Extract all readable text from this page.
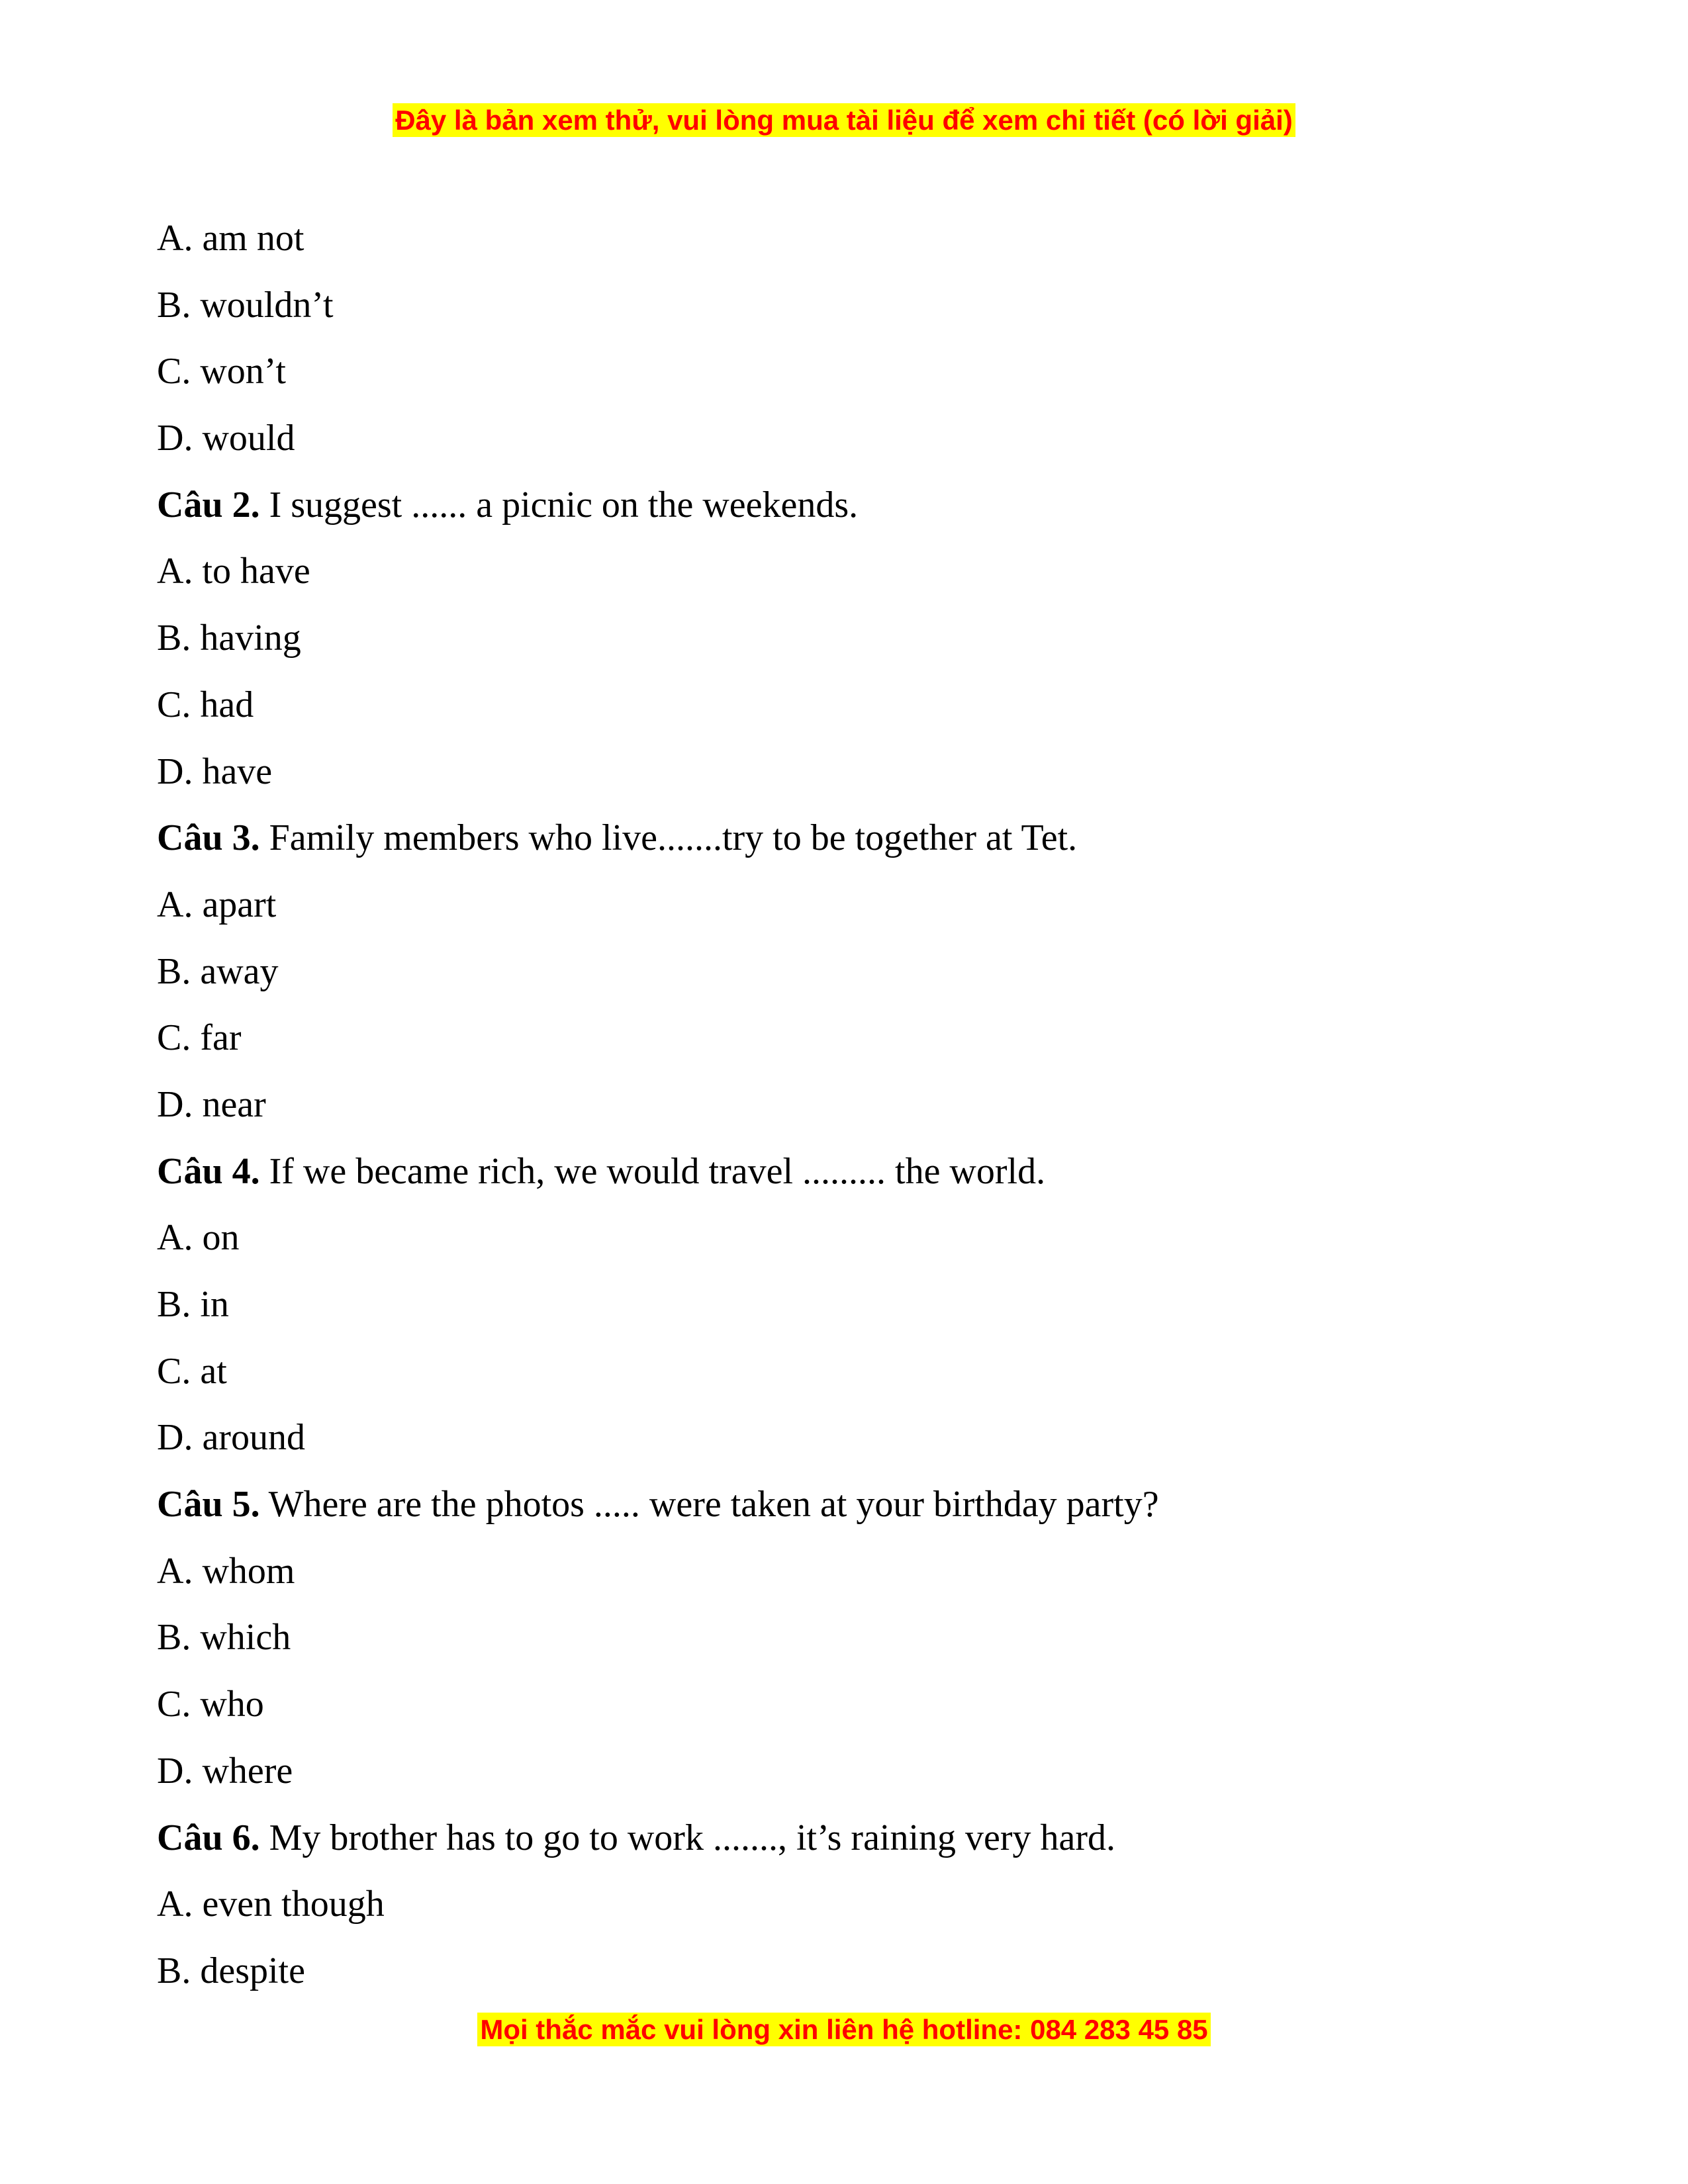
Đây là bản xem thử, vui lòng mua tài liệu để xem chi tiết (có lời giải)
A. am not
B. wouldn’t
C. won’t
D. would
Câu 2. I suggest ...... a picnic on the weekends.
A. to have
B. having
C. had
D. have
Câu 3. Family members who live.......try to be together at Tet.
A. apart
B. away
C. far
D. near
Câu 4. If we became rich, we would travel ......... the world.
A. on
B. in
C. at
D. around
Câu 5. Where are the photos ..... were taken at your birthday party?
A. whom
B. which
C. who
D. where
Câu 6. My brother has to go to work ......., it’s raining very hard.
A. even though
B. despite
Mọi thắc mắc vui lòng xin liên hệ hotline: 084 283 45 85
